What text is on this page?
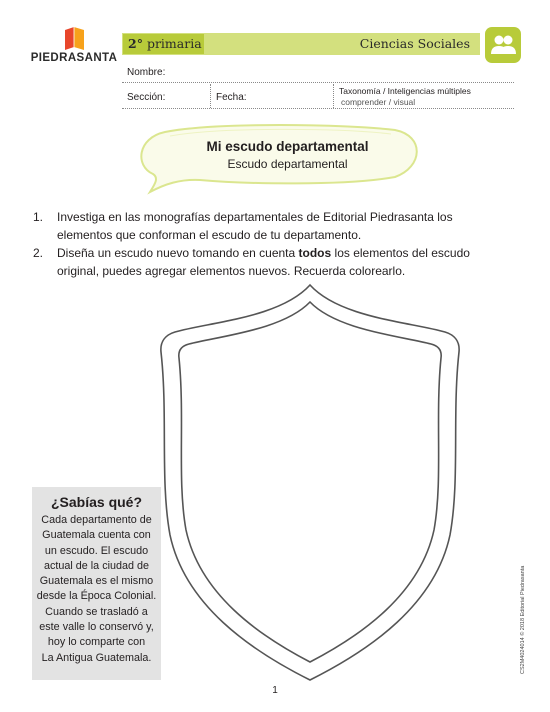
PIEDRASANTA
2° primaria	Ciencias Sociales
Nombre:
Sección:	Fecha:
Taxonomía / Inteligencias múltiples
comprender / visual
Mi escudo departamental
Escudo departamental
1. Investiga en las monografías departamentales de Editorial Piedrasanta los
elementos que conforman el escudo de tu departamento.
2. Diseña un escudo nuevo tomando en cuenta todos los elementos del escudo
original, puedes agregar elementos nuevos. Recuerda colorearlo.
¿Sabías qué?
Cada departamento de
Guatemala cuenta con
un escudo. El escudo
actual de la ciudad de
Guatemala es el mismo
desde la Época Colonial.
Cuando se trasladó a
este valle lo conservó y,
hoy lo comparte con
La Antigua Guatemala.	CS2M4024014 © 2018 Editorial Piedrasanta
1
